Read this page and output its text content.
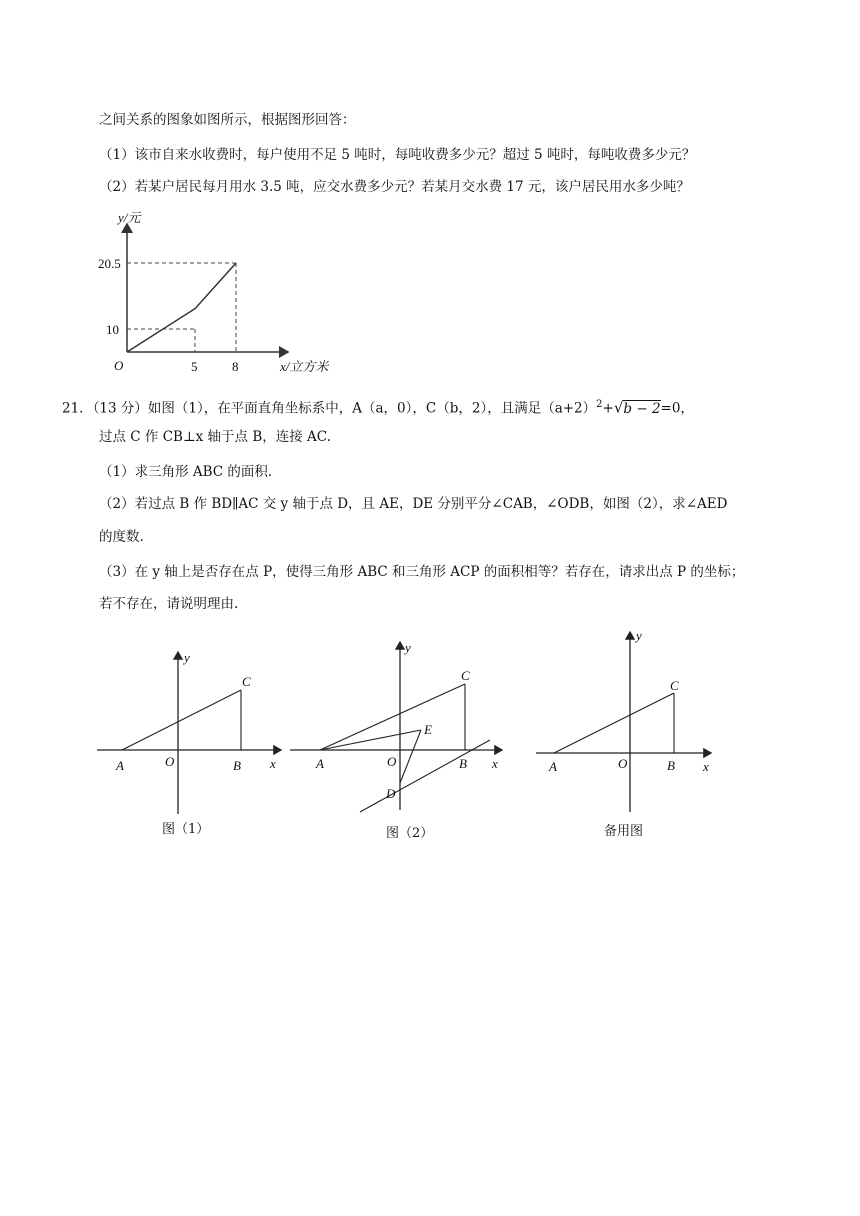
之间关系的图象如图所示，根据图形回答：
（1）该市自来水收费时，每户使用不足 5 吨时，每吨收费多少元？超过 5 吨时，每吨收费多少元？
（2）若某户居民每月用水 3.5 吨，应交水费多少元？若某月交水费 17 元，该户居民用水多少吨？
y/元
20.5
10
O	5	8	x/立方米
21．（13 分）如图（1），在平面直角坐标系中，A（a，0），C（b，2），且满足$(a+2)^2+√b - 2=0$，
过点 C 作 CB⊥x 轴于点 B，连接 AC.
（1）求三角形 ABC 的面积.
（2）若过点 B 作 BD∥AC 交 y 轴于点 D，且 AE，DE 分别平分∠CAB，∠ODB，如图（2），求∠AED
的度数.
（3）在 y 轴上是否存在点 P，使得三角形 ABC 和三角形 ACP 的面积相等？若存在，请求出点 P 的坐标；
若不存在，请说明理由.
y
C
A	O	B x
y
C
E
A	O	B x
D
y
C
A	O	B x
图（1）	图（2）	备用图
